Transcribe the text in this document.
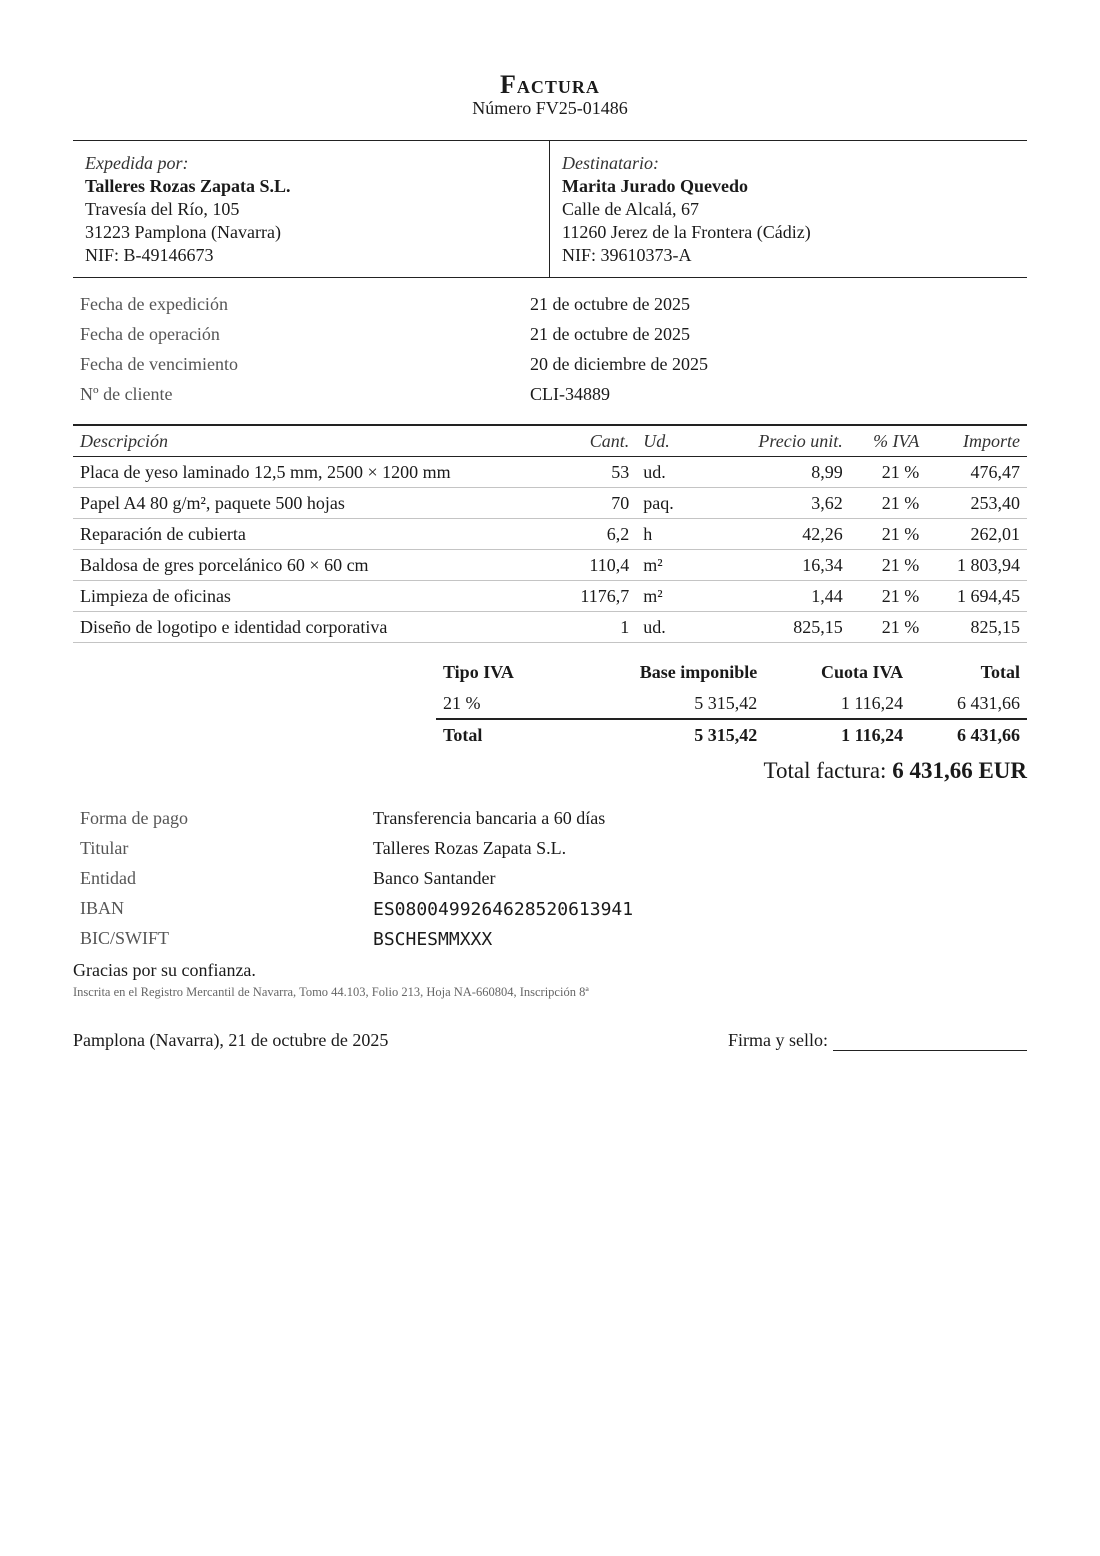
Factura
Número FV25-01486
Expedida por:
Talleres Rozas Zapata S.L.
Travesía del Río, 105
31223 Pamplona (Navarra)
NIF: B-49146673
Destinatario:
Marita Jurado Quevedo
Calle de Alcalá, 67
11260 Jerez de la Frontera (Cádiz)
NIF: 39610373-A
Fecha de expedición	21 de octubre de 2025
Fecha de operación	21 de octubre de 2025
Fecha de vencimiento	20 de diciembre de 2025
Nº de cliente	CLI-34889
Descripción	Cant.	Ud.	Precio unit.	% IVA	Importe
Placa de yeso laminado 12,5 mm, 2500 × 1200 mm	53	ud.	8,99	21 %	476,47
Papel A4 80 g/m², paquete 500 hojas	70	paq.	3,62	21 %	253,40
Reparación de cubierta	6,2	h	42,26	21 %	262,01
Baldosa de gres porcelánico 60 × 60 cm	110,4	m²	16,34	21 %	1 803,94
Limpieza de oficinas	1176,7	m²	1,44	21 %	1 694,45
Diseño de logotipo e identidad corporativa	1	ud.	825,15	21 %	825,15
Tipo IVA	Base imponible	Cuota IVA	Total
21 %	5 315,42	1 116,24	6 431,66
Total	5 315,42	1 116,24	6 431,66
Total factura: 6 431,66 EUR
Forma de pago	Transferencia bancaria a 60 días
Titular	Talleres Rozas Zapata S.L.
Entidad	Banco Santander
IBAN	ES0800499264628520613941
BIC/SWIFT	BSCHESMMXXX
Gracias por su confianza.
Inscrita en el Registro Mercantil de Navarra, Tomo 44.103, Folio 213, Hoja NA-660804, Inscripción 8ª
Pamplona (Navarra), 21 de octubre de 2025	Firma y sello:
